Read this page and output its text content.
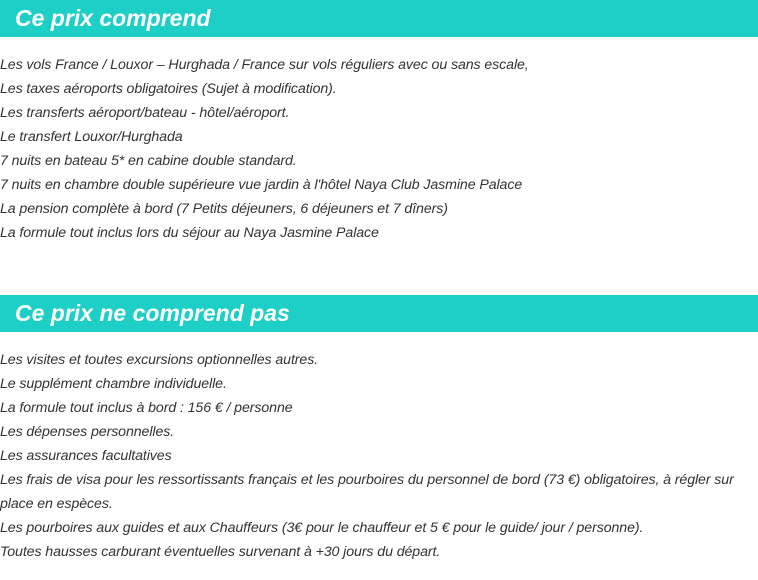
Ce prix comprend
Les vols France / Louxor – Hurghada / France sur vols réguliers avec ou sans escale,
Les taxes aéroports obligatoires (Sujet à modification).
Les transferts aéroport/bateau - hôtel/aéroport.
Le transfert Louxor/Hurghada
7 nuits en bateau 5* en cabine double standard.
7 nuits en chambre double supérieure vue jardin à l'hôtel Naya Club Jasmine Palace
La pension complète à bord (7 Petits déjeuners, 6 déjeuners et 7 dîners)
La formule tout inclus lors du séjour au Naya Jasmine Palace
Ce prix ne comprend pas
Les visites et toutes excursions optionnelles autres.
Le supplément chambre individuelle.
La formule tout inclus à bord : 156 € / personne
Les dépenses personnelles.
Les assurances facultatives
Les frais de visa pour les ressortissants français et les pourboires du personnel de bord (73 €) obligatoires, à régler sur place en espèces.
Les pourboires aux guides et aux Chauffeurs (3€ pour le chauffeur et 5 € pour le guide/ jour / personne).
Toutes hausses carburant éventuelles survenant à +30 jours du départ.
